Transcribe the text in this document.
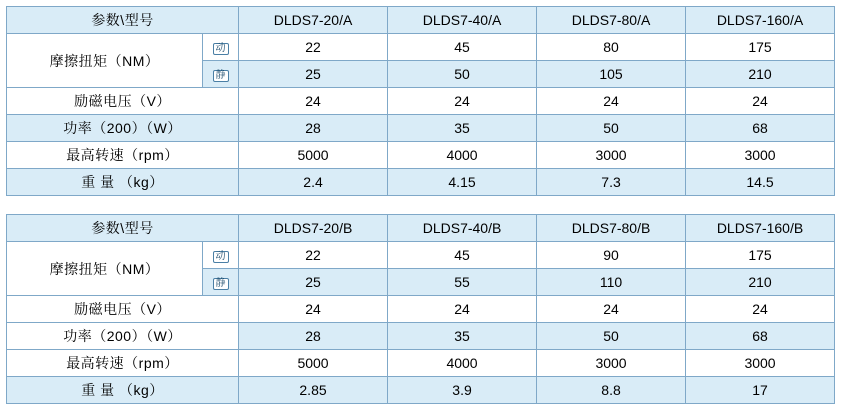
参数\型号		DLDS7-20/A	DLDS7-40/A	DLDS7-80/A	DLDS7-160/A
摩擦扭矩（NM）	动	22	45	80	175
	静	25	50	105	210
励磁电压（V）		24	24	24	24
功率（200）（W）		28	35	50	68
最高转速（rpm）		5000	4000	3000	3000
重 量 （kg）		2.4	4.15	7.3	14.5
参数\型号		DLDS7-20/B	DLDS7-40/B	DLDS7-80/B	DLDS7-160/B
摩擦扭矩（NM）	动	22	45	90	175
	静	25	55	110	210
励磁电压（V）		24	24	24	24
功率（200）（W）		28	35	50	68
最高转速（rpm）		5000	4000	3000	3000
重 量 （kg）		2.85	3.9	8.8	17
